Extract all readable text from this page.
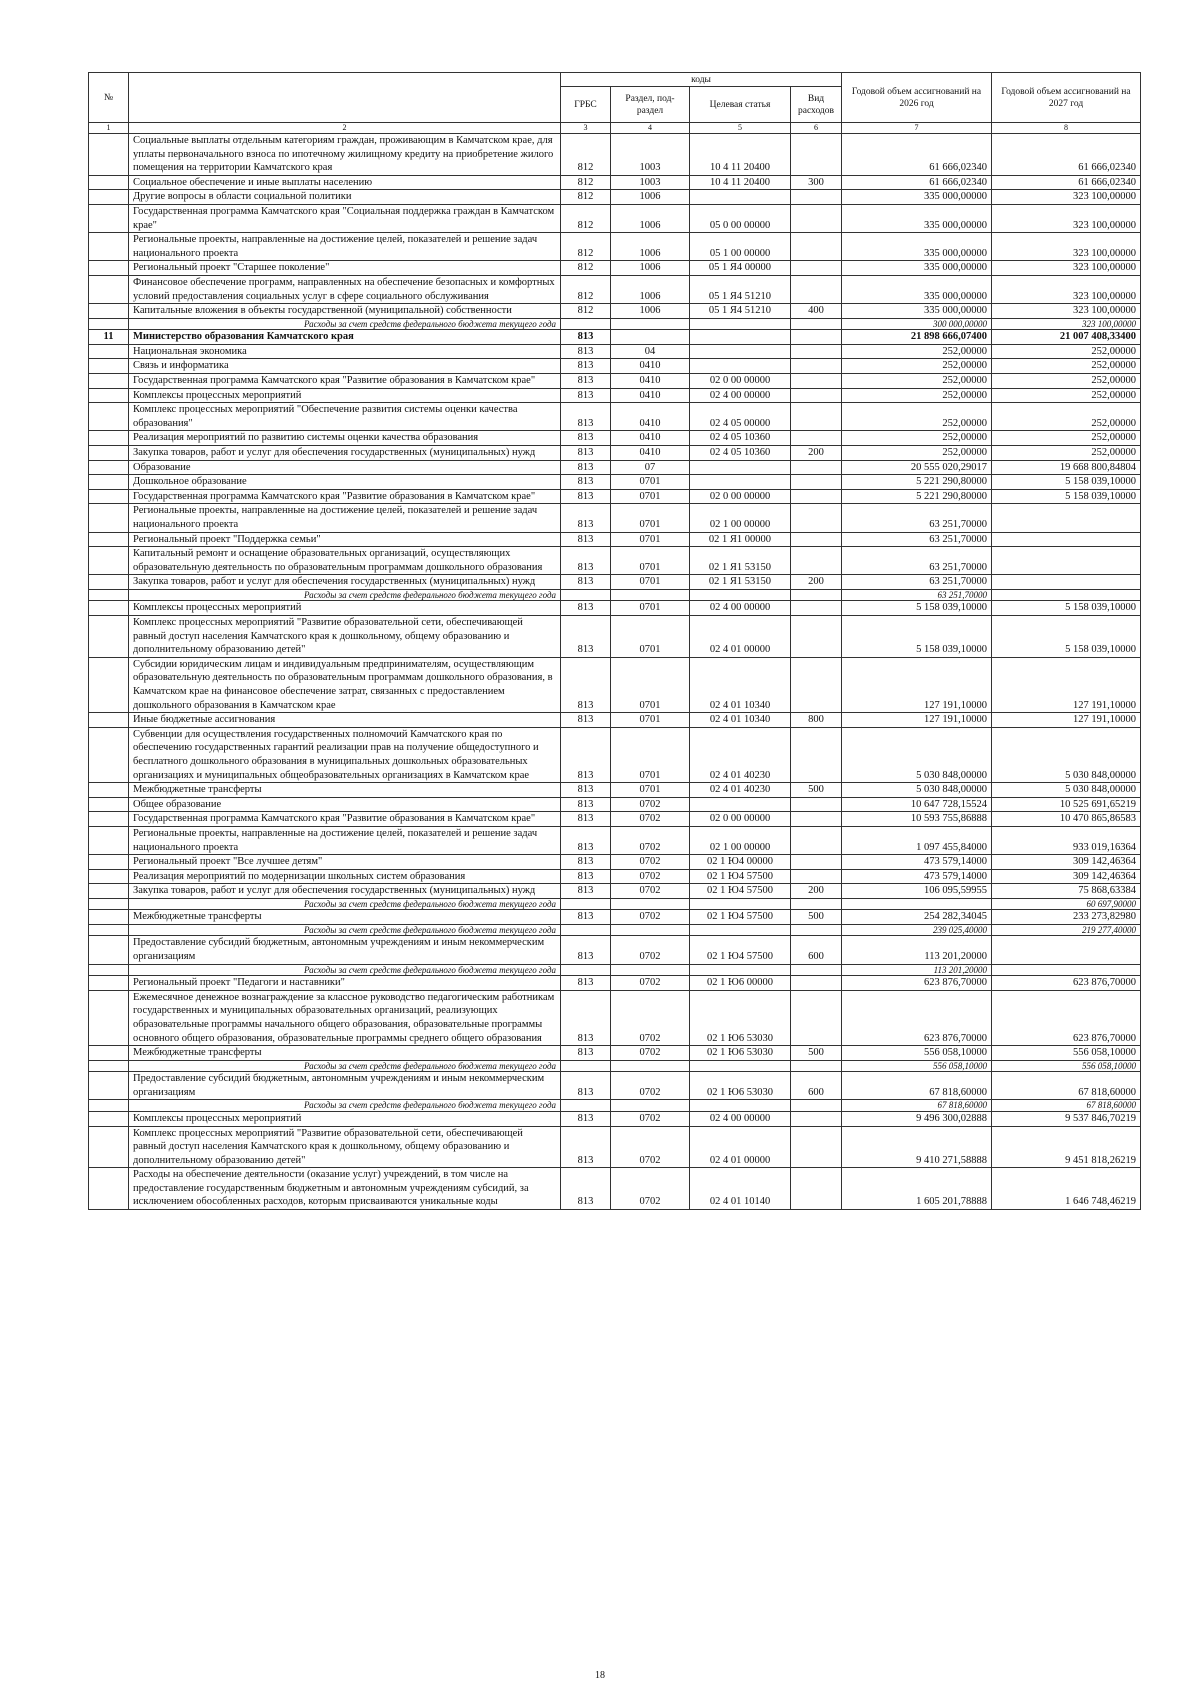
№		коды				Годовой объем ассигнований на 2026 год	Годовой объем ассигнований на 2027 год
		ГРБС	Раздел, под-раздел	Целевая статья	Вид расходов		
1	2	3	4	5	6	7	8
	Социальные выплаты отдельным категориям граждан, проживающим в Камчатском крае, для уплаты первоначального взноса по ипотечному жилищному кредиту на приобретение жилого помещения на территории Камчатского края	812	1003	10 4 11 20400		61 666,02340	61 666,02340
	Социальное обеспечение и иные выплаты населению	812	1003	10 4 11 20400	300	61 666,02340	61 666,02340
	Другие вопросы в области социальной политики	812	1006			335 000,00000	323 100,00000
	Государственная программа Камчатского края "Социальная поддержка граждан в Камчатском крае"	812	1006	05 0 00 00000		335 000,00000	323 100,00000
	Региональные проекты, направленные на достижение целей, показателей и решение задач национального проекта	812	1006	05 1 00 00000		335 000,00000	323 100,00000
	Региональный проект "Старшее поколение"	812	1006	05 1 Я4 00000		335 000,00000	323 100,00000
	Финансовое обеспечение программ, направленных на обеспечение безопасных и комфортных условий предоставления социальных услуг в сфере социального обслуживания	812	1006	05 1 Я4 51210		335 000,00000	323 100,00000
	Капитальные вложения в объекты государственной (муниципальной) собственности	812	1006	05 1 Я4 51210	400	335 000,00000	323 100,00000
	Расходы за счет средств федерального бюджета текущего года					300 000,00000	323 100,00000
11	Министерство образования Камчатского края	813				21 898 666,07400	21 007 408,33400
	Национальная экономика	813	04			252,00000	252,00000
	Связь и информатика	813	0410			252,00000	252,00000
	Государственная программа Камчатского края "Развитие образования в Камчатском крае"	813	0410	02 0 00 00000		252,00000	252,00000
	Комплексы процессных мероприятий	813	0410	02 4 00 00000		252,00000	252,00000
	Комплекс процессных мероприятий "Обеспечение развития системы оценки качества образования"	813	0410	02 4 05 00000		252,00000	252,00000
	Реализация мероприятий по развитию системы оценки качества образования	813	0410	02 4 05 10360		252,00000	252,00000
	Закупка товаров, работ и услуг для обеспечения государственных (муниципальных) нужд	813	0410	02 4 05 10360	200	252,00000	252,00000
	Образование	813	07			20 555 020,29017	19 668 800,84804
	Дошкольное образование	813	0701			5 221 290,80000	5 158 039,10000
	Государственная программа Камчатского края "Развитие образования в Камчатском крае"	813	0701	02 0 00 00000		5 221 290,80000	5 158 039,10000
	Региональные проекты, направленные на достижение целей, показателей и решение задач национального проекта	813	0701	02 1 00 00000		63 251,70000	
	Региональный проект "Поддержка семьи"	813	0701	02 1 Я1 00000		63 251,70000	
	Капитальный ремонт и оснащение образовательных организаций, осуществляющих образовательную деятельность по образовательным программам дошкольного образования	813	0701	02 1 Я1 53150		63 251,70000	
	Закупка товаров, работ и услуг для обеспечения государственных (муниципальных) нужд	813	0701	02 1 Я1 53150	200	63 251,70000	
	Расходы за счет средств федерального бюджета текущего года					63 251,70000	
	Комплексы процессных мероприятий	813	0701	02 4 00 00000		5 158 039,10000	5 158 039,10000
	Комплекс процессных мероприятий "Развитие образовательной сети, обеспечивающей равный доступ населения Камчатского края к дошкольному, общему образованию и дополнительному образованию детей"	813	0701	02 4 01 00000		5 158 039,10000	5 158 039,10000
	Субсидии юридическим лицам и индивидуальным предпринимателям, осуществляющим образовательную деятельность по образовательным программам дошкольного образования, в Камчатском крае на финансовое обеспечение затрат, связанных с предоставлением дошкольного образования в Камчатском крае	813	0701	02 4 01 10340		127 191,10000	127 191,10000
	Иные бюджетные ассигнования	813	0701	02 4 01 10340	800	127 191,10000	127 191,10000
	Субвенции для осуществления государственных полномочий Камчатского края по обеспечению государственных гарантий реализации прав на получение общедоступного и бесплатного дошкольного образования в муниципальных дошкольных образовательных организациях и муниципальных общеобразовательных организациях в Камчатском крае	813	0701	02 4 01 40230		5 030 848,00000	5 030 848,00000
	Межбюджетные трансферты	813	0701	02 4 01 40230	500	5 030 848,00000	5 030 848,00000
	Общее образование	813	0702			10 647 728,15524	10 525 691,65219
	Государственная программа Камчатского края "Развитие образования в Камчатском крае"	813	0702	02 0 00 00000		10 593 755,86888	10 470 865,86583
	Региональные проекты, направленные на достижение целей, показателей и решение задач национального проекта	813	0702	02 1 00 00000		1 097 455,84000	933 019,16364
	Региональный проект "Все лучшее детям"	813	0702	02 1 Ю4 00000		473 579,14000	309 142,46364
	Реализация мероприятий по модернизации школьных систем образования	813	0702	02 1 Ю4 57500		473 579,14000	309 142,46364
	Закупка товаров, работ и услуг для обеспечения государственных (муниципальных) нужд	813	0702	02 1 Ю4 57500	200	106 095,59955	75 868,63384
	Расходы за счет средств федерального бюджета текущего года						60 697,90000
	Межбюджетные трансферты	813	0702	02 1 Ю4 57500	500	254 282,34045	233 273,82980
	Расходы за счет средств федерального бюджета текущего года					239 025,40000	219 277,40000
	Предоставление субсидий бюджетным, автономным учреждениям и иным некоммерческим организациям	813	0702	02 1 Ю4 57500	600	113 201,20000	
	Расходы за счет средств федерального бюджета текущего года					113 201,20000	
	Региональный проект "Педагоги и наставники"	813	0702	02 1 Ю6 00000		623 876,70000	623 876,70000
	Ежемесячное денежное вознаграждение за классное руководство педагогическим работникам государственных и муниципальных образовательных организаций, реализующих образовательные программы начального общего образования, образовательные программы основного общего образования, образовательные программы среднего общего образования	813	0702	02 1 Ю6 53030		623 876,70000	623 876,70000
	Межбюджетные трансферты	813	0702	02 1 Ю6 53030	500	556 058,10000	556 058,10000
	Расходы за счет средств федерального бюджета текущего года					556 058,10000	556 058,10000
	Предоставление субсидий бюджетным, автономным учреждениям и иным некоммерческим организациям	813	0702	02 1 Ю6 53030	600	67 818,60000	67 818,60000
	Расходы за счет средств федерального бюджета текущего года					67 818,60000	67 818,60000
	Комплексы процессных мероприятий	813	0702	02 4 00 00000		9 496 300,02888	9 537 846,70219
	Комплекс процессных мероприятий "Развитие образовательной сети, обеспечивающей равный доступ населения Камчатского края к дошкольному, общему образованию и дополнительному образованию детей"	813	0702	02 4 01 00000		9 410 271,58888	9 451 818,26219
	Расходы на обеспечение деятельности (оказание услуг) учреждений, в том числе на предоставление государственным бюджетным и автономным учреждениям субсидий, за исключением обособленных расходов, которым присваиваются уникальные коды	813	0702	02 4 01 10140		1 605 201,78888	1 646 748,46219
18
